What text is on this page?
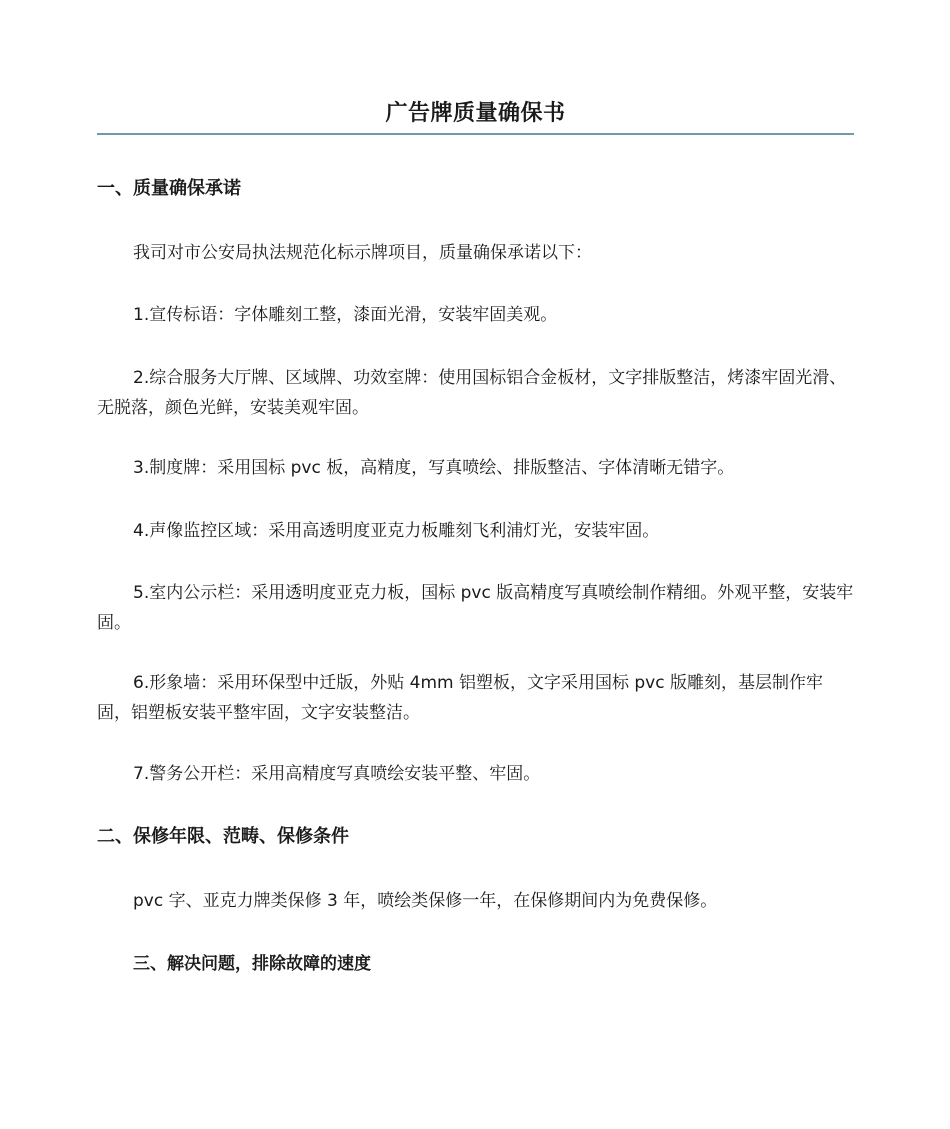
广告牌质量确保书

一、质量确保承诺

我司对市公安局执法规范化标示牌项目，质量确保承诺以下：

1.宣传标语：字体雕刻工整，漆面光滑，安装牢固美观。

2.综合服务大厅牌、区域牌、功效室牌：使用国标铝合金板材，文字排版整洁，烤漆牢固光滑、无脱落，颜色光鲜，安装美观牢固。

3.制度牌：采用国标 pvc 板，高精度，写真喷绘、排版整洁、字体清晰无错字。

4.声像监控区域：采用高透明度亚克力板雕刻飞利浦灯光，安装牢固。

5.室内公示栏：采用透明度亚克力板，国标 pvc 版高精度写真喷绘制作精细。外观平整，安装牢固。

6.形象墙：采用环保型中迁版，外贴 4mm 铝塑板，文字采用国标 pvc 版雕刻，基层制作牢固，铝塑板安装平整牢固，文字安装整洁。

7.警务公开栏：采用高精度写真喷绘安装平整、牢固。

二、保修年限、范畴、保修条件

pvc 字、亚克力牌类保修 3 年，喷绘类保修一年，在保修期间内为免费保修。

三、解决问题，排除故障的速度
